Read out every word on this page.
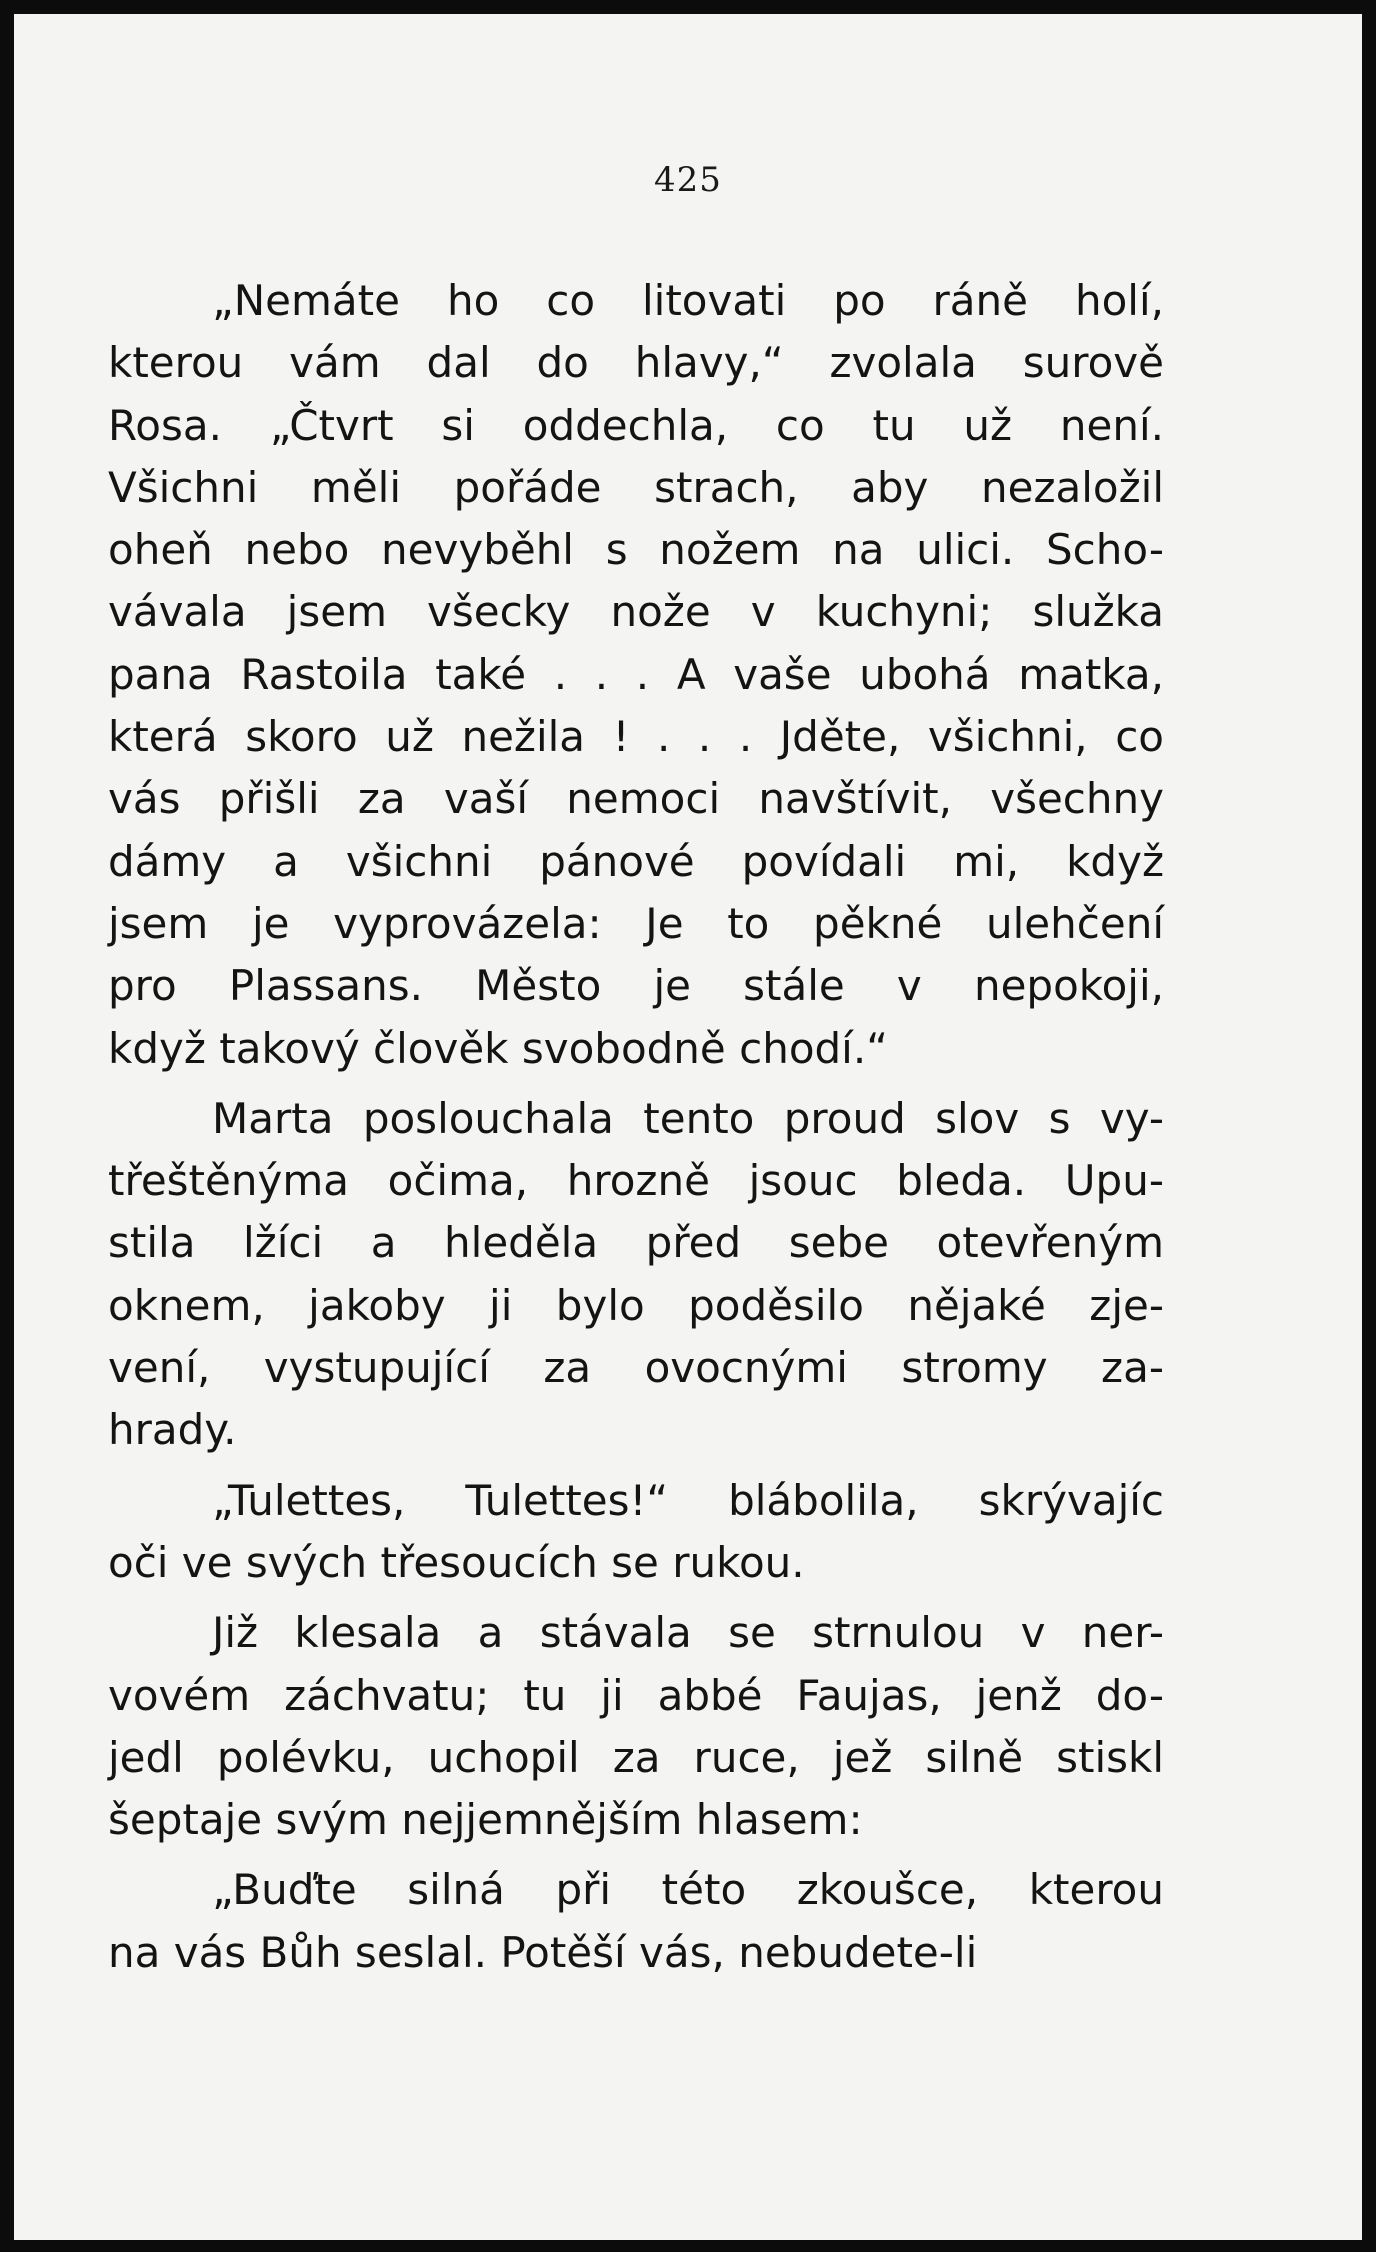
425
„Nemáte ho co litovati po ráně holí,
kterou vám dal do hlavy,“ zvolala surově
Rosa. „Čtvrt si oddechla, co tu už není.
Všichni měli pořáde strach, aby nezaložil
oheň nebo nevyběhl s nožem na ulici. Scho-
vávala jsem všecky nože v kuchyni; služka
pana Rastoila také . . . A vaše ubohá matka,
která skoro už nežila ! . . . Jděte, všichni, co
vás přišli za vaší nemoci navštívit, všechny
dámy a všichni pánové povídali mi, když
jsem je vyprovázela: Je to pěkné ulehčení
pro Plassans. Město je stále v nepokoji,
když takový člověk svobodně chodí.“
Marta poslouchala tento proud slov s vy-
třeštěnýma očima, hrozně jsouc bleda. Upu-
stila lžíci a hleděla před sebe otevřeným
oknem, jakoby ji bylo poděsilo nějaké zje-
vení, vystupující za ovocnými stromy za-
hrady.
„Tulettes, Tulettes!“ blábolila, skrývajíc
oči ve svých třesoucích se rukou.
Již klesala a stávala se strnulou v ner-
vovém záchvatu; tu ji abbé Faujas, jenž do-
jedl polévku, uchopil za ruce, jež silně stiskl
šeptaje svým nejjemnějším hlasem:
„Buďte silná při této zkoušce, kterou
na vás Bůh seslal. Potěší vás, nebudete-li
